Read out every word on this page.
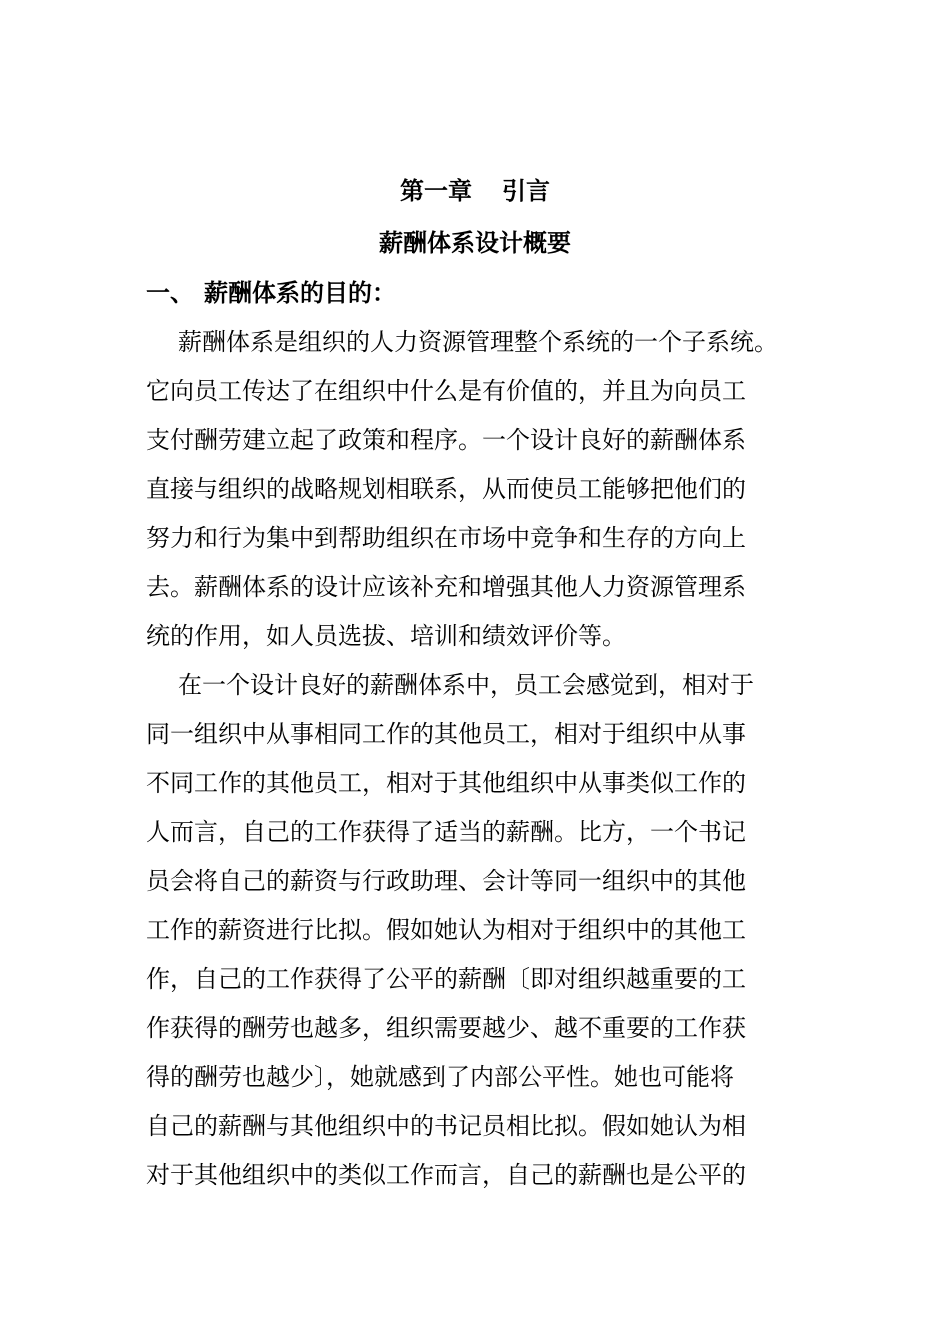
第一章 引言
薪酬体系设计概要
一、 薪酬体系的目的：

薪酬体系是组织的人力资源管理整个系统的一个子系统。
它向员工传达了在组织中什么是有价值的，并且为向员工
支付酬劳建立起了政策和程序。一个设计良好的薪酬体系
直接与组织的战略规划相联系，从而使员工能够把他们的
努力和行为集中到帮助组织在市场中竞争和生存的方向上
去。薪酬体系的设计应该补充和增强其他人力资源管理系
统的作用，如人员选拔、培训和绩效评价等。

在一个设计良好的薪酬体系中，员工会感觉到，相对于
同一组织中从事相同工作的其他员工，相对于组织中从事
不同工作的其他员工，相对于其他组织中从事类似工作的
人而言，自己的工作获得了适当的薪酬。比方，一个书记
员会将自己的薪资与行政助理、会计等同一组织中的其他
工作的薪资进行比拟。假如她认为相对于组织中的其他工
作，自己的工作获得了公平的薪酬〔即对组织越重要的工
作获得的酬劳也越多，组织需要越少、越不重要的工作获
得的酬劳也越少〕，她就感到了内部公平性。她也可能将
自己的薪酬与其他组织中的书记员相比拟。假如她认为相
对于其他组织中的类似工作而言，自己的薪酬也是公平的
